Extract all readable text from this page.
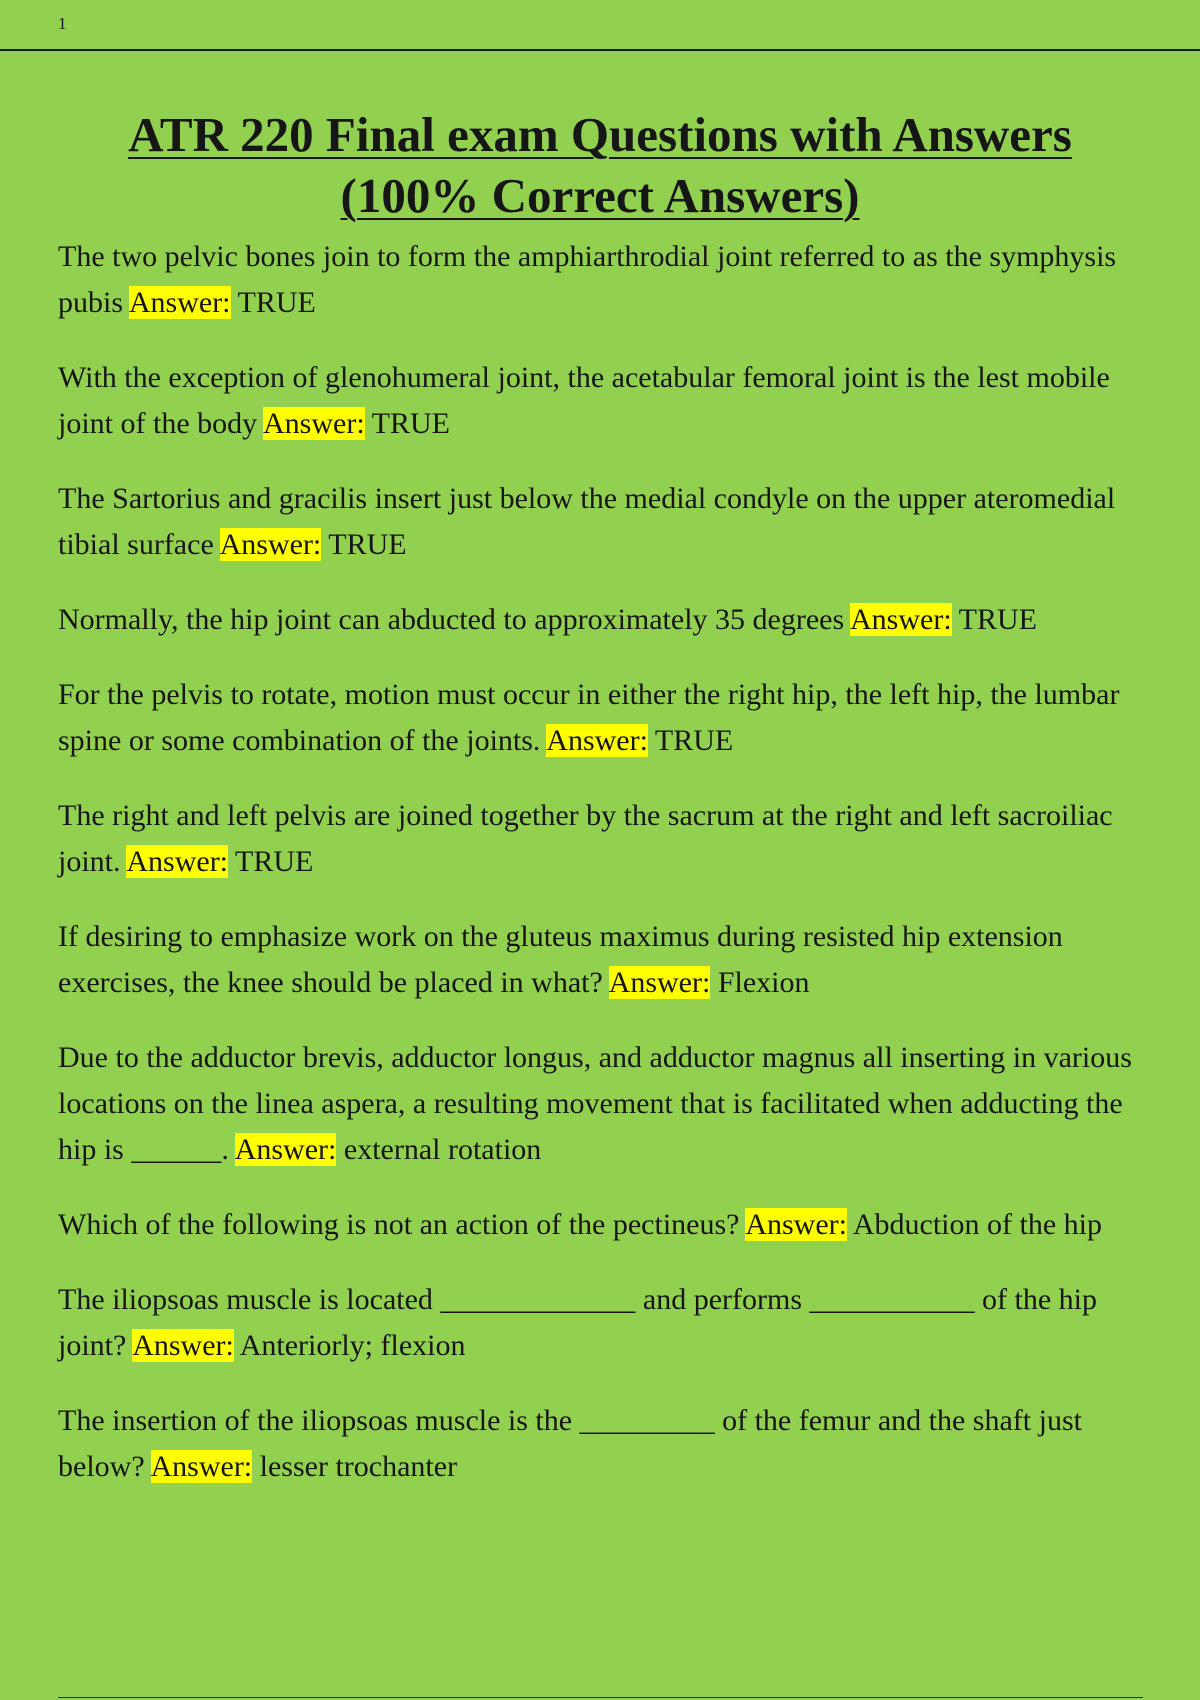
1
ATR 220 Final exam Questions with Answers
(100% Correct Answers)

The two pelvic bones join to form the amphiarthrodial joint referred to as the symphysis pubis Answer: TRUE

With the exception of glenohumeral joint, the acetabular femoral joint is the lest mobile joint of the body Answer: TRUE

The Sartorius and gracilis insert just below the medial condyle on the upper ateromedial tibial surface Answer: TRUE

Normally, the hip joint can abducted to approximately 35 degrees Answer: TRUE

For the pelvis to rotate, motion must occur in either the right hip, the left hip, the lumbar spine or some combination of the joints. Answer: TRUE

The right and left pelvis are joined together by the sacrum at the right and left sacroiliac joint. Answer: TRUE

If desiring to emphasize work on the gluteus maximus during resisted hip extension exercises, the knee should be placed in what? Answer: Flexion

Due to the adductor brevis, adductor longus, and adductor magnus all inserting in various locations on the linea aspera, a resulting movement that is facilitated when adducting the hip is ______. Answer: external rotation

Which of the following is not an action of the pectineus? Answer: Abduction of the hip

The iliopsoas muscle is located _____________ and performs ___________ of the hip joint? Answer: Anteriorly; flexion

The insertion of the iliopsoas muscle is the _________ of the femur and the shaft just below? Answer: lesser trochanter
